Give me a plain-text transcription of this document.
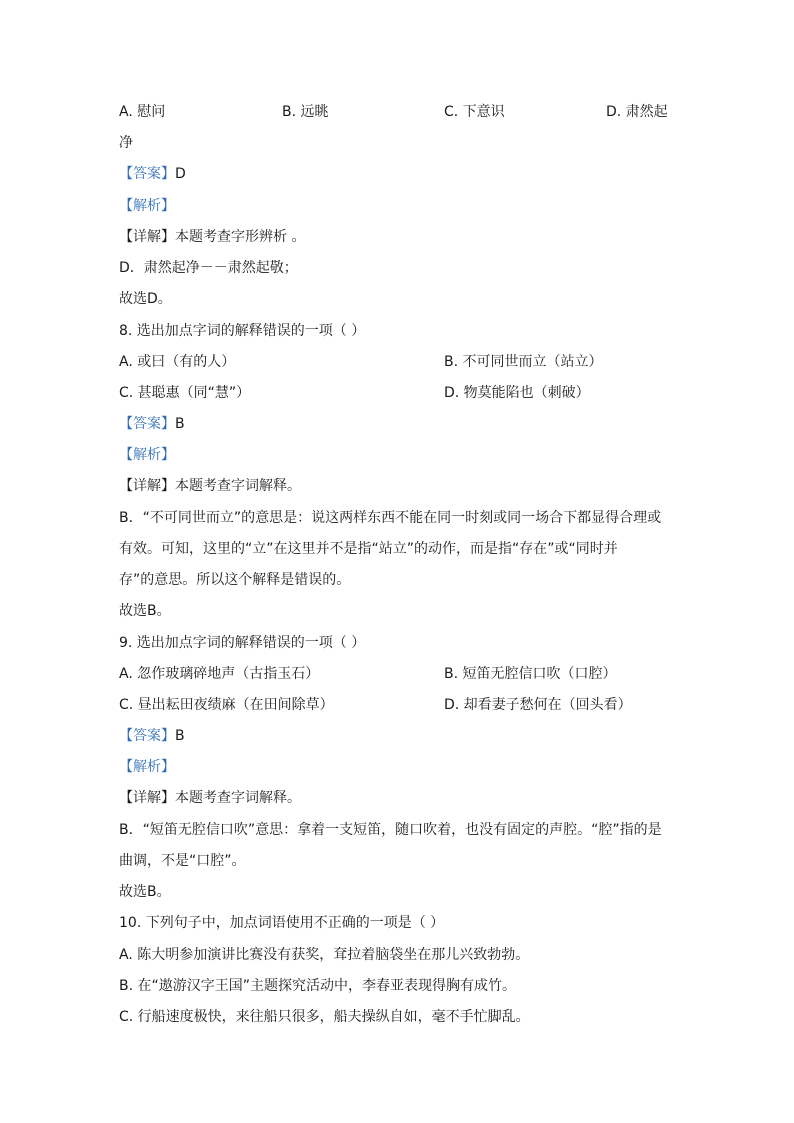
A. 慰问	B. 远眺	C. 下意识	D. 肃然起
净
【答案】D
【解析】
【详解】本题考查字形辨析 。
D．肃然起净－－肃然起敬；
故选D。
8. 选出加点字词的解释错误的一项（ ）
A. 或曰（有的人）	B. 不可同世而立（站立）
C. 甚聪惠（同“慧”）	D. 物莫能陷也（刺破）
【答案】B
【解析】
【详解】本题考查字词解释。
B．“不可同世而立”的意思是：说这两样东西不能在同一时刻或同一场合下都显得合理或
有效。可知，这里的“立”在这里并不是指“站立”的动作，而是指“存在”或“同时并
存”的意思。所以这个解释是错误的。
故选B。
9. 选出加点字词的解释错误的一项（ ）
A. 忽作玻璃碎地声（古指玉石）	B. 短笛无腔信口吹（口腔）
C. 昼出耘田夜绩麻（在田间除草）	D. 却看妻子愁何在（回头看）
【答案】B
【解析】
【详解】本题考查字词解释。
B．“短笛无腔信口吹”意思：拿着一支短笛，随口吹着，也没有固定的声腔。“腔”指的是
曲调，不是“口腔”。
故选B。
10. 下列句子中，加点词语使用不正确的一项是（ ）
A. 陈大明参加演讲比赛没有获奖，耷拉着脑袋坐在那儿兴致勃勃。
B. 在“遨游汉字王国”主题探究活动中，李春亚表现得胸有成竹。
C. 行船速度极快，来往船只很多，船夫操纵自如，毫不手忙脚乱。
